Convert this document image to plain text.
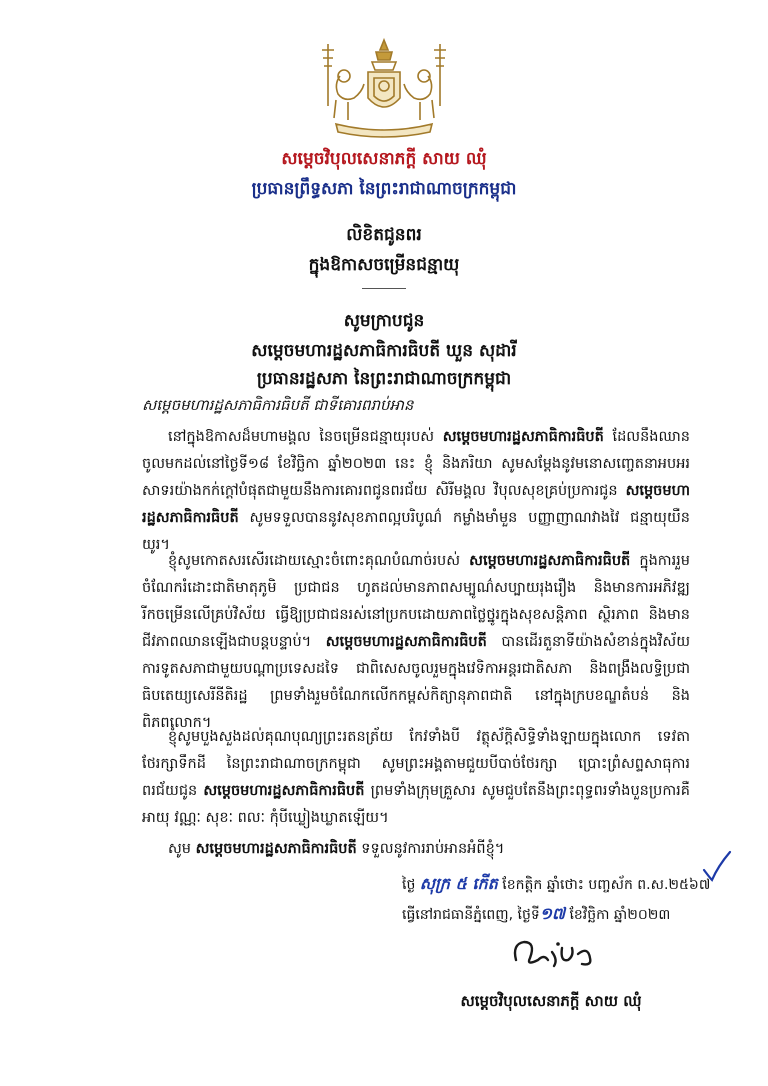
សម្តេចវិបុលសេនាភក្តី សាយ ឈុំ
ប្រធានព្រឹទ្ធសភា នៃព្រះរាជាណាចក្រកម្ពុជា
លិខិតជូនពរ
ក្នុងឱកាសចម្រើនជន្មាយុ
សូមក្រាបជូន
សម្តេចមហារដ្ឋសភាធិការធិបតី ឃួន សុដារី
ប្រធានរដ្ឋសភា នៃព្រះរាជាណាចក្រកម្ពុជា
សម្តេចមហារដ្ឋសភាធិការធិបតី ជាទីគោរពរាប់អាន
នៅក្នុងឱកាសដ៏មហាមង្គល នៃចម្រើនជន្មាយុរបស់ សម្តេចមហារដ្ឋសភាធិការធិបតី ដែលនឹងឈានចូលមកដល់នៅថ្ងៃទី១៨ ខែវិច្ឆិកា ឆ្នាំ២០២៣ នេះ ខ្ញុំ និងភរិយា សូមសម្តែងនូវមនោសញ្ចេតនាអបអរសាទរយ៉ាងកក់ក្តៅបំផុតជាមួយនឹងការគោរពជូនពរជ័យ សិរីមង្គល វិបុលសុខគ្រប់ប្រការជូន សម្តេចមហារដ្ឋសភាធិការធិបតី សូមទទួលបាននូវសុខភាពល្អបរិបូណ៌ កម្លាំងមាំមួន បញ្ញាញាណវាងវៃ ជន្មាយុយឺនយូរ។
ខ្ញុំសូមកោតសរសើរដោយស្មោះចំពោះគុណបំណាច់របស់ សម្តេចមហារដ្ឋសភាធិការធិបតី ក្នុងការរួមចំណែករំដោះជាតិមាតុភូមិ ប្រជាជន ហូតដល់មានភាពសម្បូណ៌សប្បាយរុងរឿង និងមានការអភិវឌ្ឍរីកចម្រើនលើគ្រប់វិស័យ ធ្វើឱ្យប្រជាជនរស់នៅប្រកបដោយភាពថ្លៃថ្នូរក្នុងសុខសន្តិភាព ស្ថិរភាព និងមានជីវភាពឈានឡើងជាបន្តបន្ទាប់។ សម្តេចមហារដ្ឋសភាធិការធិបតី បានដើរតួនាទីយ៉ាងសំខាន់ក្នុងវិស័យការទូតសភាជាមួយបណ្តាប្រទេសដទៃ ជាពិសេសចូលរួមក្នុងវេទិកាអន្តរជាតិសភា និងពង្រឹងលទ្ធិប្រជាធិបតេយ្យសេរីនីតិរដ្ឋ ព្រមទាំងរួមចំណែកលើកកម្ពស់កិត្យានុភាពជាតិ នៅក្នុងក្របខណ្ឌតំបន់ និងពិភពលោក។
ខ្ញុំសូមបួងសួងដល់គុណបុណ្យព្រះរតនត្រ័យ កែវទាំងបី វត្ថុស័ក្តិសិទ្ធិទាំងឡាយក្នុងលោក ទេវតាថែរក្សាទឹកដី នៃព្រះរាជាណាចក្រកម្ពុជា សូមព្រះអង្គតាមជួយបីបាច់ថែរក្សា ប្រោះព្រំសព្ទសាធុការពរជ័យជូន សម្តេចមហារដ្ឋសភាធិការធិបតី ព្រមទាំងក្រុមគ្រួសារ សូមជួបតែនឹងព្រះពុទ្ធពរទាំងបួនប្រការគឺ អាយុ វណ្ណៈ សុខៈ ពលៈ កុំបីឃ្លៀងឃ្លាតឡើយ។
សូម សម្តេចមហារដ្ឋសភាធិការធិបតី ទទួលនូវការរាប់អានអំពីខ្ញុំ។
ថ្ងៃ សុក្រ ៥ កើត ខែកត្តិក ឆ្នាំថោះ បញ្ចស័ក ព.ស.២៥៦៧
ធ្វើនៅរាជធានីភ្នំពេញ, ថ្ងៃទី១៧ ខែវិច្ឆិកា ឆ្នាំ២០២៣
សម្តេចវិបុលសេនាភក្តី សាយ ឈុំ
